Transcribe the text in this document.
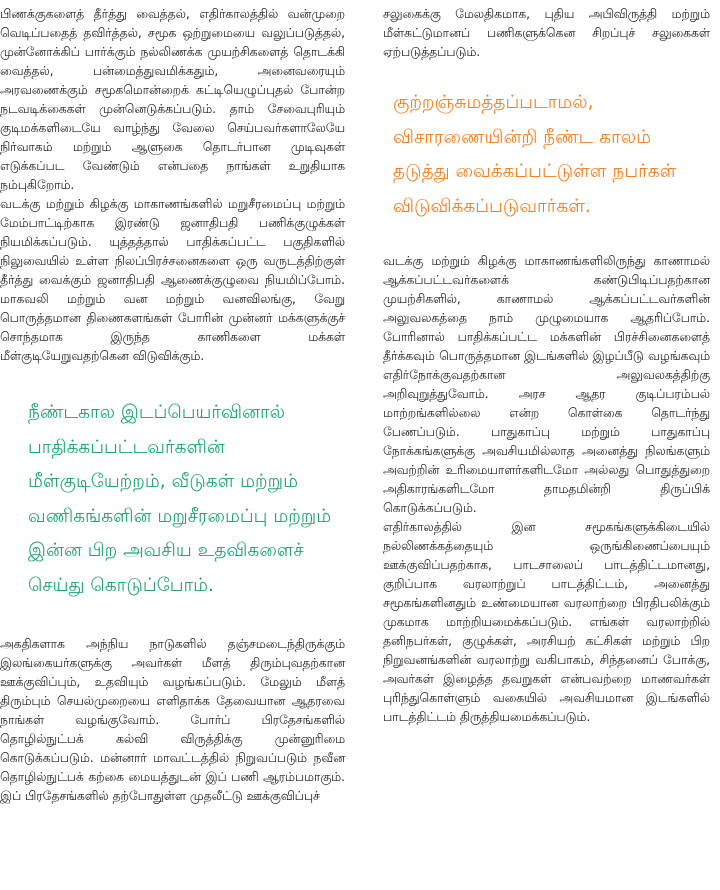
பிணக்குகளைத் தீர்த்து வைத்தல், எதிர்காலத்தில் வன்முறை வெடிப்பதைத் தவிர்த்தல், சமூக ஒற்றுமையை வலுப்படுத்தல், முன்னோக்கிப் பார்க்கும் நல்லிணக்க முயற்சிகளைத் தொடக்கி வைத்தல், பன்மைத்துவமிக்கதும், அனைவரையும் அரவணைக்கும் சமூகமொன்றைக் கட்டியெழுப்புதல் போன்ற நடவடிக்கைகள் முன்னெடுக்கப்படும். தாம் சேவைபுரியும் குடிமக்களிடையே வாழ்ந்து வேலை செய்பவர்களாலேயே நிர்வாகம் மற்றும் ஆளுகை தொடர்பான முடிவுகள் எடுக்கப்பட வேண்டும் என்பதை நாங்கள் உறுதியாக நம்புகிறோம்.

வடக்கு மற்றும் கிழக்கு மாகாணங்களில் மறுசீரமைப்பு மற்றும் மேம்பாட்டிற்காக இரண்டு ஜனாதிபதி பணிக்குழுக்கள் நியமிக்கப்படும். யுத்தத்தால் பாதிக்கப்பட்ட பகுதிகளில் நிலுவையில் உள்ள நிலப்பிரச்சனைகளை ஒரு வருடத்திற்குள் தீர்த்து வைக்கும் ஜனாதிபதி ஆணைக்குழுவை நியமிப்போம். மாகவலி மற்றும் வன மற்றும் வனவிலங்கு, வேறு பொருத்தமான திணைகளங்கள் போரின் முன்னர் மக்களுக்குச் சொந்தமாக இருந்த காணிகளை மக்கள் மீள்குடியேறுவதற்கென விடுவிக்கும்.

நீண்டகால இடப்பெயர்வினால் பாதிக்கப்பட்டவர்களின் மீள்குடியேற்றம், வீடுகள் மற்றும் வணிகங்களின் மறுசீரமைப்பு மற்றும் இன்ன பிற அவசிய உதவிகளைச் செய்து கொடுப்போம்.

அகதிகளாக அந்நிய நாடுகளில் தஞ்சமடைந்திருக்கும் இலங்கையர்களுக்கு அவர்கள் மீளத் திரும்புவதற்கான ஊக்குவிப்பும், உதவியும் வழங்கப்படும். மேலும் மீளத் திரும்பும் செயல்முறையை எளிதாக்க தேவையான ஆதரவை நாங்கள் வழங்குவோம். போர்ப் பிரதேசங்களில் தொழில்நுட்பக் கல்வி விருத்திக்கு முன்னுரிமை கொடுக்கப்படும். மன்னார் மாவட்டத்தில் நிறுவப்படும் நவீன தொழில்நுட்பக் கற்கை மையத்துடன் இப் பணி ஆரம்பமாகும். இப் பிரதேசங்களில் தற்போதுள்ள முதலீட்டு ஊக்குவிப்புச்

சலுகைக்கு மேலதிகமாக, புதிய அபிவிருத்தி மற்றும் மீள்கட்டுமானப் பணிகளுக்கென சிறப்புச் சலுகைகள் ஏற்படுத்தப்படும்.

குற்றஞ்சுமத்தப்படாமல், விசாரணையின்றி நீண்ட காலம் தடுத்து வைக்கப்பட்டுள்ள நபர்கள் விடுவிக்கப்படுவார்கள்.

வடக்கு மற்றும் கிழக்கு மாகாணங்களிலிருந்து காணாமல் ஆக்கப்பட்டவர்களைக் கண்டுபிடிப்பதற்கான முயற்சிகளில், காணாமல் ஆக்கப்பட்டவர்களின் அலுவலகத்தை நாம் முழுமையாக ஆதரிப்போம். போரினால் பாதிக்கப்பட்ட மக்களின் பிரச்சினைகளைத் தீர்க்கவும் பொருத்தமான இடங்களில் இழப்பீடு வழங்கவும் எதிர்நோக்குவதற்கான அலுவலகத்திற்கு அறிவுறுத்துவோம். அரச ஆதர குடிப்பரம்பல் மாற்றங்களில்லை என்ற கொள்கை தொடர்ந்து பேணப்படும். பாதுகாப்பு மற்றும் பாதுகாப்பு நோக்கங்களுக்கு அவசியமில்லாத அனைத்து நிலங்களும் அவற்றின் உரிமையாளர்களிடமோ அல்லது பொதுத்துறை அதிகாரங்களிடமோ தாமதமின்றி திருப்பிக் கொடுக்கப்படும்.

எதிர்காலத்தில் இன சமூகங்களுக்கிடையில் நல்லிணக்கத்தையும் ஒருங்கிணைப்பையும் ஊக்குவிப்பதற்காக, பாடசாலைப் பாடத்திட்டமானது, குறிப்பாக வரலாற்றுப் பாடத்திட்டம், அனைத்து சமூகங்களினதும் உண்மையான வரலாற்றை பிரதிபலிக்கும் முகமாக மாற்றியமைக்கப்படும். எங்கள் வரலாற்றில் தனிநபர்கள், குழுக்கள், அரசியற் கட்சிகள் மற்றும் பிற நிறுவனங்களின் வரலாற்று வகிபாகம், சிந்தனைப் போக்கு, அவர்கள் இழைத்த தவறுகள் என்பவற்றை மாணவர்கள் புரிந்துகொள்ளும் வகையில் அவசியமான இடங்களில் பாடத்திட்டம் திருத்தியமைக்கப்படும்.
